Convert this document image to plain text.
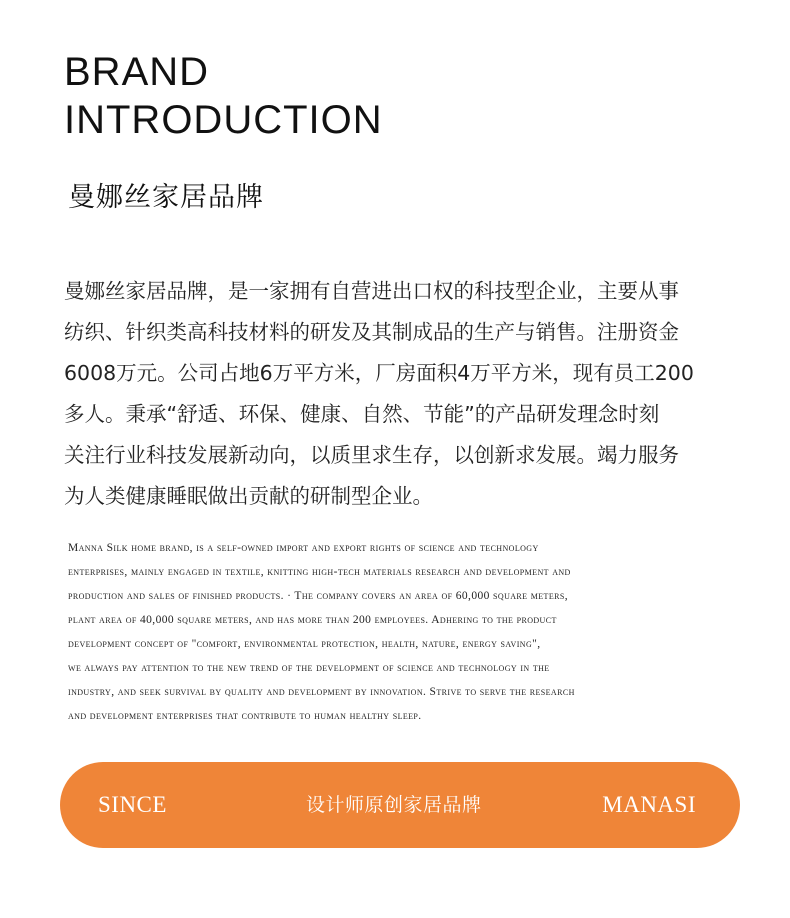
BRAND
INTRODUCTION
曼娜丝家居品牌
曼娜丝家居品牌，是一家拥有自营进出口权的科技型企业，主要从事
纺织、针织类高科技材料的研发及其制成品的生产与销售。注册资金
6008万元。公司占地6万平方米，厂房面积4万平方米，现有员工200
多人。秉承“舒适、环保、健康、自然、节能”的产品研发理念时刻
关注行业科技发展新动向，以质里求生存，以创新求发展。竭力服务
为人类健康睡眠做出贡献的研制型企业。
Manna Silk home brand, is a self-owned import and export rights of science and technology
enterprises, mainly engaged in textile, knitting high-tech materials research and development and
production and sales of finished products. · The company covers an area of 60,000 square meters,
plant area of 40,000 square meters, and has more than 200 employees. Adhering to the product
development concept of "comfort, environmental protection, health, nature, energy saving",
we always pay attention to the new trend of the development of science and technology in the
industry, and seek survival by quality and development by innovation. Strive to serve the research
and development enterprises that contribute to human healthy sleep.
SINCE	设计师原创家居品牌	MANASI
